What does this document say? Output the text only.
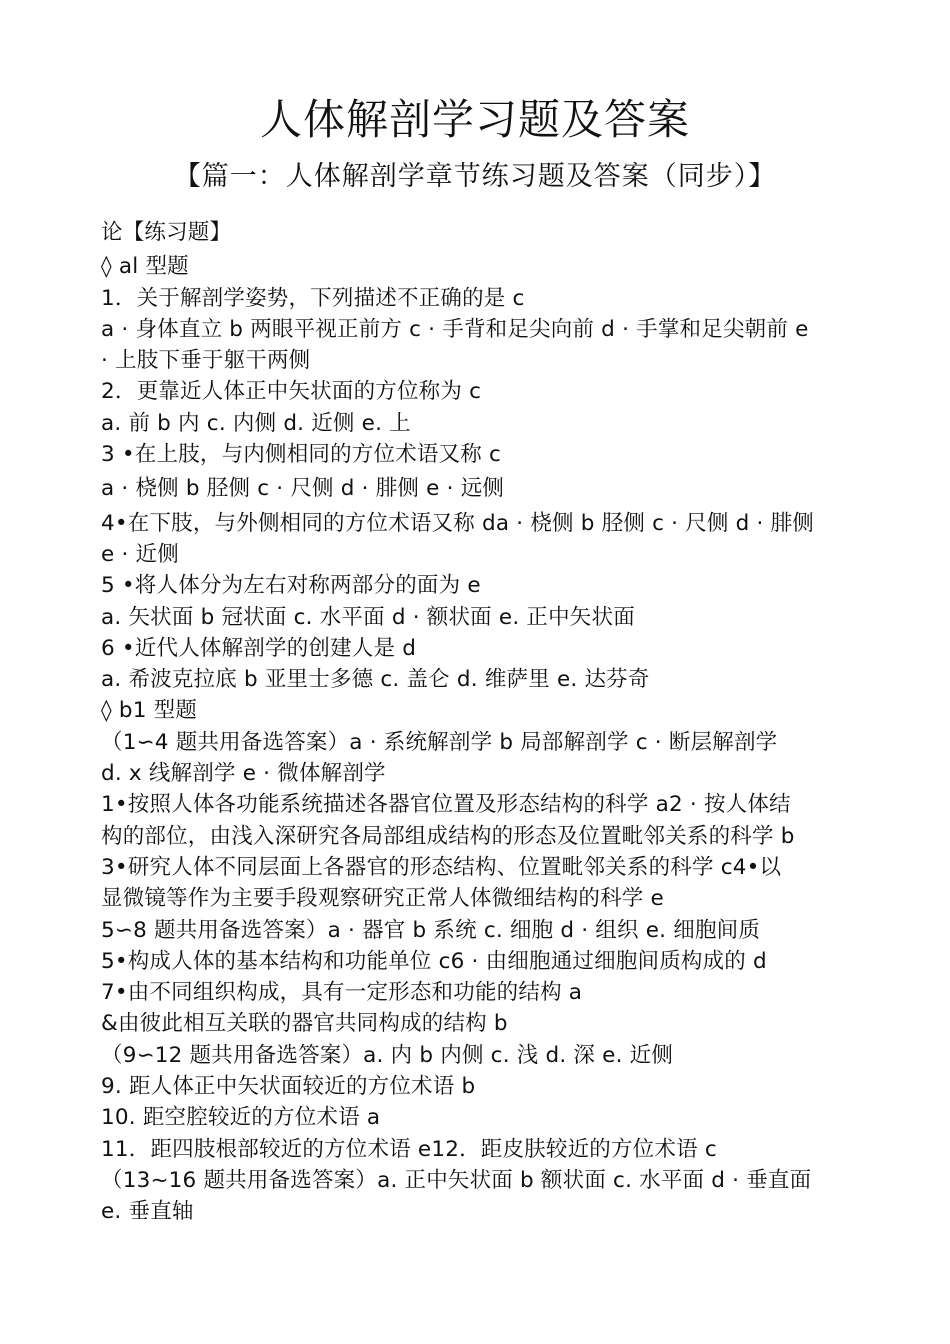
人体解剖学习题及答案
【篇一：人体解剖学章节练习题及答案（同步）】
论【练习题】
◊ al 型题
1．关于解剖学姿势，下列描述不正确的是 c
a · 身体直立 b 两眼平视正前方 c · 手背和足尖向前 d · 手掌和足尖朝前 e
· 上肢下垂于躯干两侧
2．更靠近人体正中矢状面的方位称为 c
a. 前 b 内 c. 内侧 d. 近侧 e. 上
3 •在上肢，与内侧相同的方位术语又称 c
a · 桡侧 b 胫侧 c · 尺侧 d · 腓侧 e · 远侧
4•在下肢，与外侧相同的方位术语又称 da · 桡侧 b 胫侧 c · 尺侧 d · 腓侧
e · 近侧
5 •将人体分为左右对称两部分的面为 e
a. 矢状面 b 冠状面 c. 水平面 d · 额状面 e. 正中矢状面
6 •近代人体解剖学的创建人是 d
a. 希波克拉底 b 亚里士多德 c. 盖仑 d. 维萨里 e. 达芬奇
◊ b1 型题
（1∽4 题共用备选答案）a · 系统解剖学 b 局部解剖学 c · 断层解剖学
d. x 线解剖学 e · 微体解剖学
1•按照人体各功能系统描述各器官位置及形态结构的科学 a2 · 按人体结
构的部位，由浅入深研究各局部组成结构的形态及位置毗邻关系的科学 b
3•研究人体不同层面上各器官的形态结构、位置毗邻关系的科学 c4•以
显微镜等作为主要手段观察研究正常人体微细结构的科学 e
5∽8 题共用备选答案）a · 器官 b 系统 c. 细胞 d · 组织 e. 细胞间质
5•构成人体的基本结构和功能单位 c6 · 由细胞通过细胞间质构成的 d
7•由不同组织构成，具有一定形态和功能的结构 a
&由彼此相互关联的器官共同构成的结构 b
（9∽12 题共用备选答案）a. 内 b 内侧 c. 浅 d. 深 e. 近侧
9. 距人体正中矢状面较近的方位术语 b
10. 距空腔较近的方位术语 a
11．距四肢根部较近的方位术语 e12．距皮肤较近的方位术语 c
（13~16 题共用备选答案）a. 正中矢状面 b 额状面 c. 水平面 d · 垂直面
e. 垂直轴
